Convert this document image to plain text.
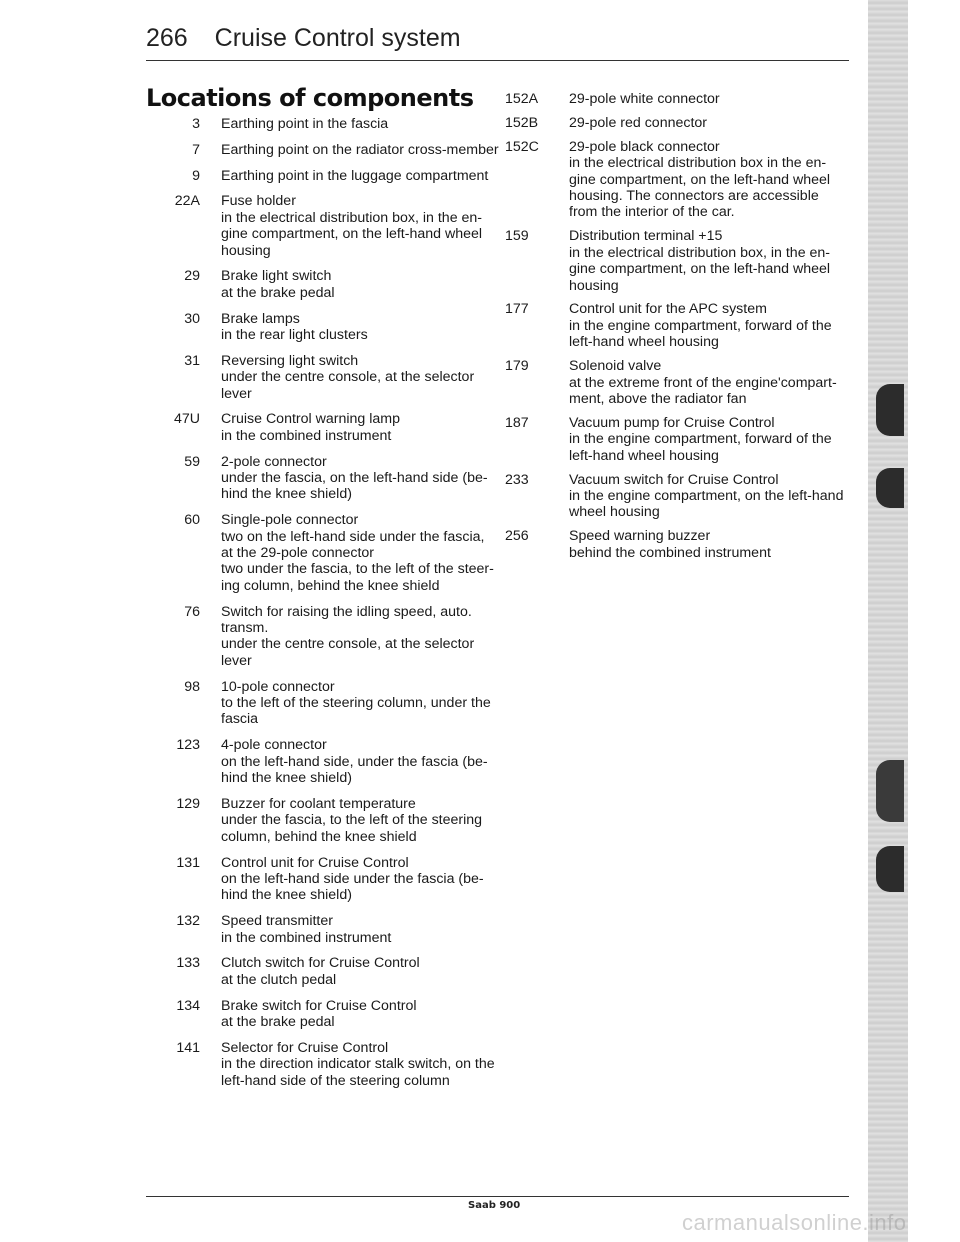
266 Cruise Control system
Locations of components
3 Earthing point in the fascia
7 Earthing point on the radiator cross-member
9 Earthing point in the luggage compartment
22A Fuse holder
in the electrical distribution box, in the en-
gine compartment, on the left-hand wheel
housing
29 Brake light switch
at the brake pedal
30 Brake lamps
in the rear light clusters
31 Reversing light switch
under the centre console, at the selector
lever
47U Cruise Control warning lamp
in the combined instrument
59 2-pole connector
under the fascia, on the left-hand side (be-
hind the knee shield)
60 Single-pole connector
two on the left-hand side under the fascia,
at the 29-pole connector
two under the fascia, to the left of the steer-
ing column, behind the knee shield
76 Switch for raising the idling speed, auto.
transm.
under the centre console, at the selector
lever
98 10-pole connector
to the left of the steering column, under the
fascia
123 4-pole connector
on the left-hand side, under the fascia (be-
hind the knee shield)
129 Buzzer for coolant temperature
under the fascia, to the left of the steering
column, behind the knee shield
131 Control unit for Cruise Control
on the left-hand side under the fascia (be-
hind the knee shield)
132 Speed transmitter
in the combined instrument
133 Clutch switch for Cruise Control
at the clutch pedal
134 Brake switch for Cruise Control
at the brake pedal
141 Selector for Cruise Control
in the direction indicator stalk switch, on the
left-hand side of the steering column
152A	29-pole white connector
152B	29-pole red connector
152C	29-pole black connector
in the electrical distribution box in the en-
gine compartment, on the left-hand wheel
housing. The connectors are accessible
from the interior of the car.
159	Distribution terminal +15
in the electrical distribution box, in the en-
gine compartment, on the left-hand wheel
housing
177	Control unit for the APC system
in the engine compartment, forward of the
left-hand wheel housing
179	Solenoid valve
at the extreme front of the engine'compart-
ment, above the radiator fan
187	Vacuum pump for Cruise Control
in the engine compartment, forward of the
left-hand wheel housing
233	Vacuum switch for Cruise Control
in the engine compartment, on the left-hand
wheel housing
256	Speed warning buzzer
behind the combined instrument
Saab 900
carmanualsonline.info
